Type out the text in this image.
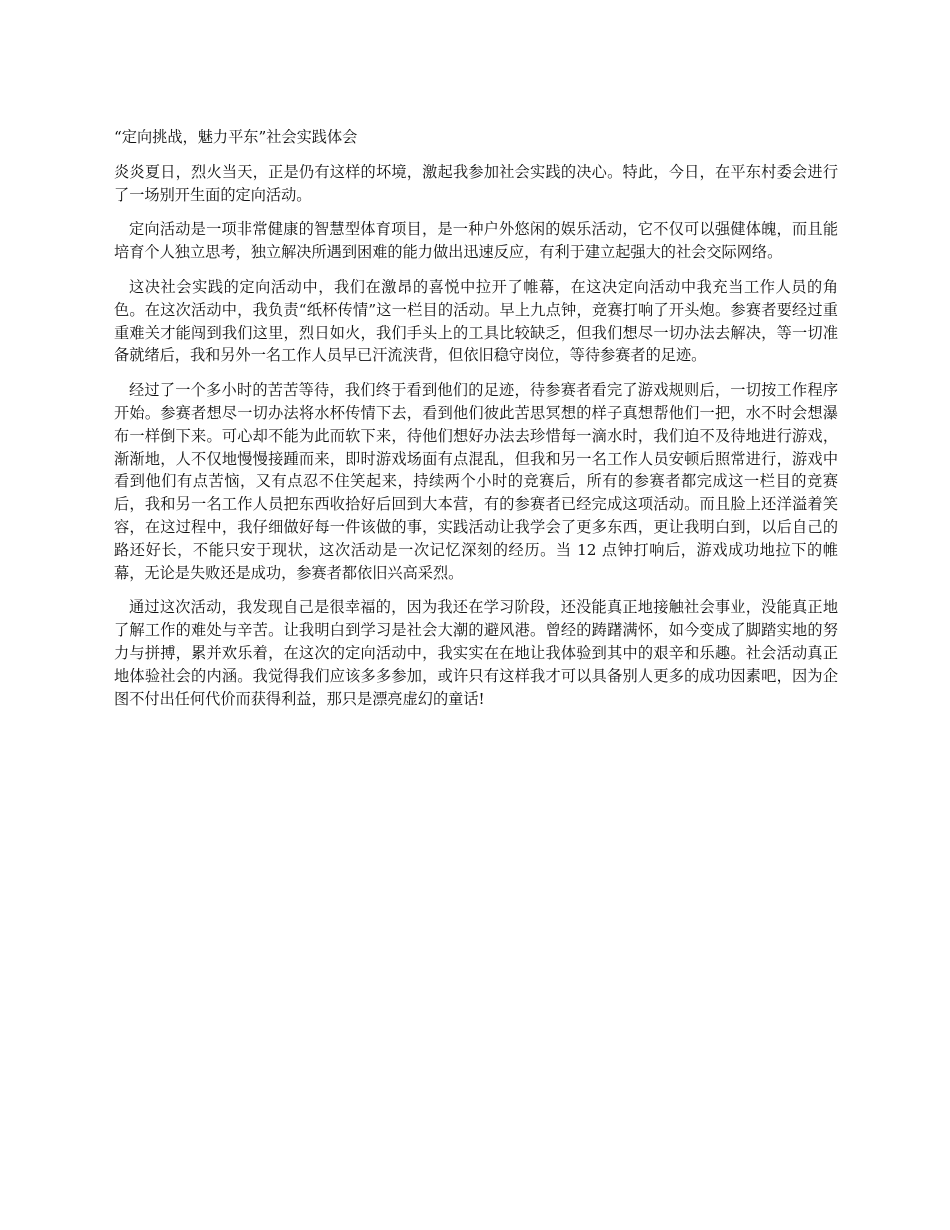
“定向挑战，魅力平东”社会实践体会

炎炎夏日，烈火当天，正是仍有这样的坏境，激起我参加社会实践的决心。特此，今日，在平东村委会进行了一场别开生面的定向活动。

定向活动是一项非常健康的智慧型体育项目，是一种户外悠闲的娱乐活动，它不仅可以强健体魄，而且能培育个人独立思考，独立解决所遇到困难的能力做出迅速反应，有利于建立起强大的社会交际网络。

这决社会实践的定向活动中，我们在激昂的喜悦中拉开了帷幕，在这决定向活动中我充当工作人员的角色。在这次活动中，我负责“纸杯传情”这一栏目的活动。早上九点钟，竞赛打响了开头炮。参赛者要经过重重难关才能闯到我们这里，烈日如火，我们手头上的工具比较缺乏，但我们想尽一切办法去解决，等一切准备就绪后，我和另外一名工作人员早已汗流浃背，但依旧稳守岗位，等待参赛者的足迹。

经过了一个多小时的苦苦等待，我们终于看到他们的足迹，待参赛者看完了游戏规则后，一切按工作程序开始。参赛者想尽一切办法将水杯传情下去，看到他们彼此苦思冥想的样子真想帮他们一把，水不时会想瀑布一样倒下来。可心却不能为此而软下来，待他们想好办法去珍惜每一滴水时，我们迫不及待地进行游戏，渐渐地，人不仅地慢慢接踵而来，即时游戏场面有点混乱，但我和另一名工作人员安顿后照常进行，游戏中看到他们有点苦恼，又有点忍不住笑起来，持续两个小时的竞赛后，所有的参赛者都完成这一栏目的竞赛后，我和另一名工作人员把东西收拾好后回到大本营，有的参赛者已经完成这项活动。而且脸上还洋溢着笑容，在这过程中，我仔细做好每一件该做的事，实践活动让我学会了更多东西，更让我明白到，以后自己的路还好长，不能只安于现状，这次活动是一次记忆深刻的经历。当 12 点钟打响后，游戏成功地拉下的帷幕，无论是失败还是成功，参赛者都依旧兴高采烈。

通过这次活动，我发现自己是很幸福的，因为我还在学习阶段，还没能真正地接触社会事业，没能真正地了解工作的难处与辛苦。让我明白到学习是社会大潮的避风港。曾经的踌躇满怀，如今变成了脚踏实地的努力与拼搏，累并欢乐着，在这次的定向活动中，我实实在在地让我体验到其中的艰辛和乐趣。社会活动真正地体验社会的内涵。我觉得我们应该多多参加，或许只有这样我才可以具备别人更多的成功因素吧，因为企图不付出任何代价而获得利益，那只是漂亮虚幻的童话!
